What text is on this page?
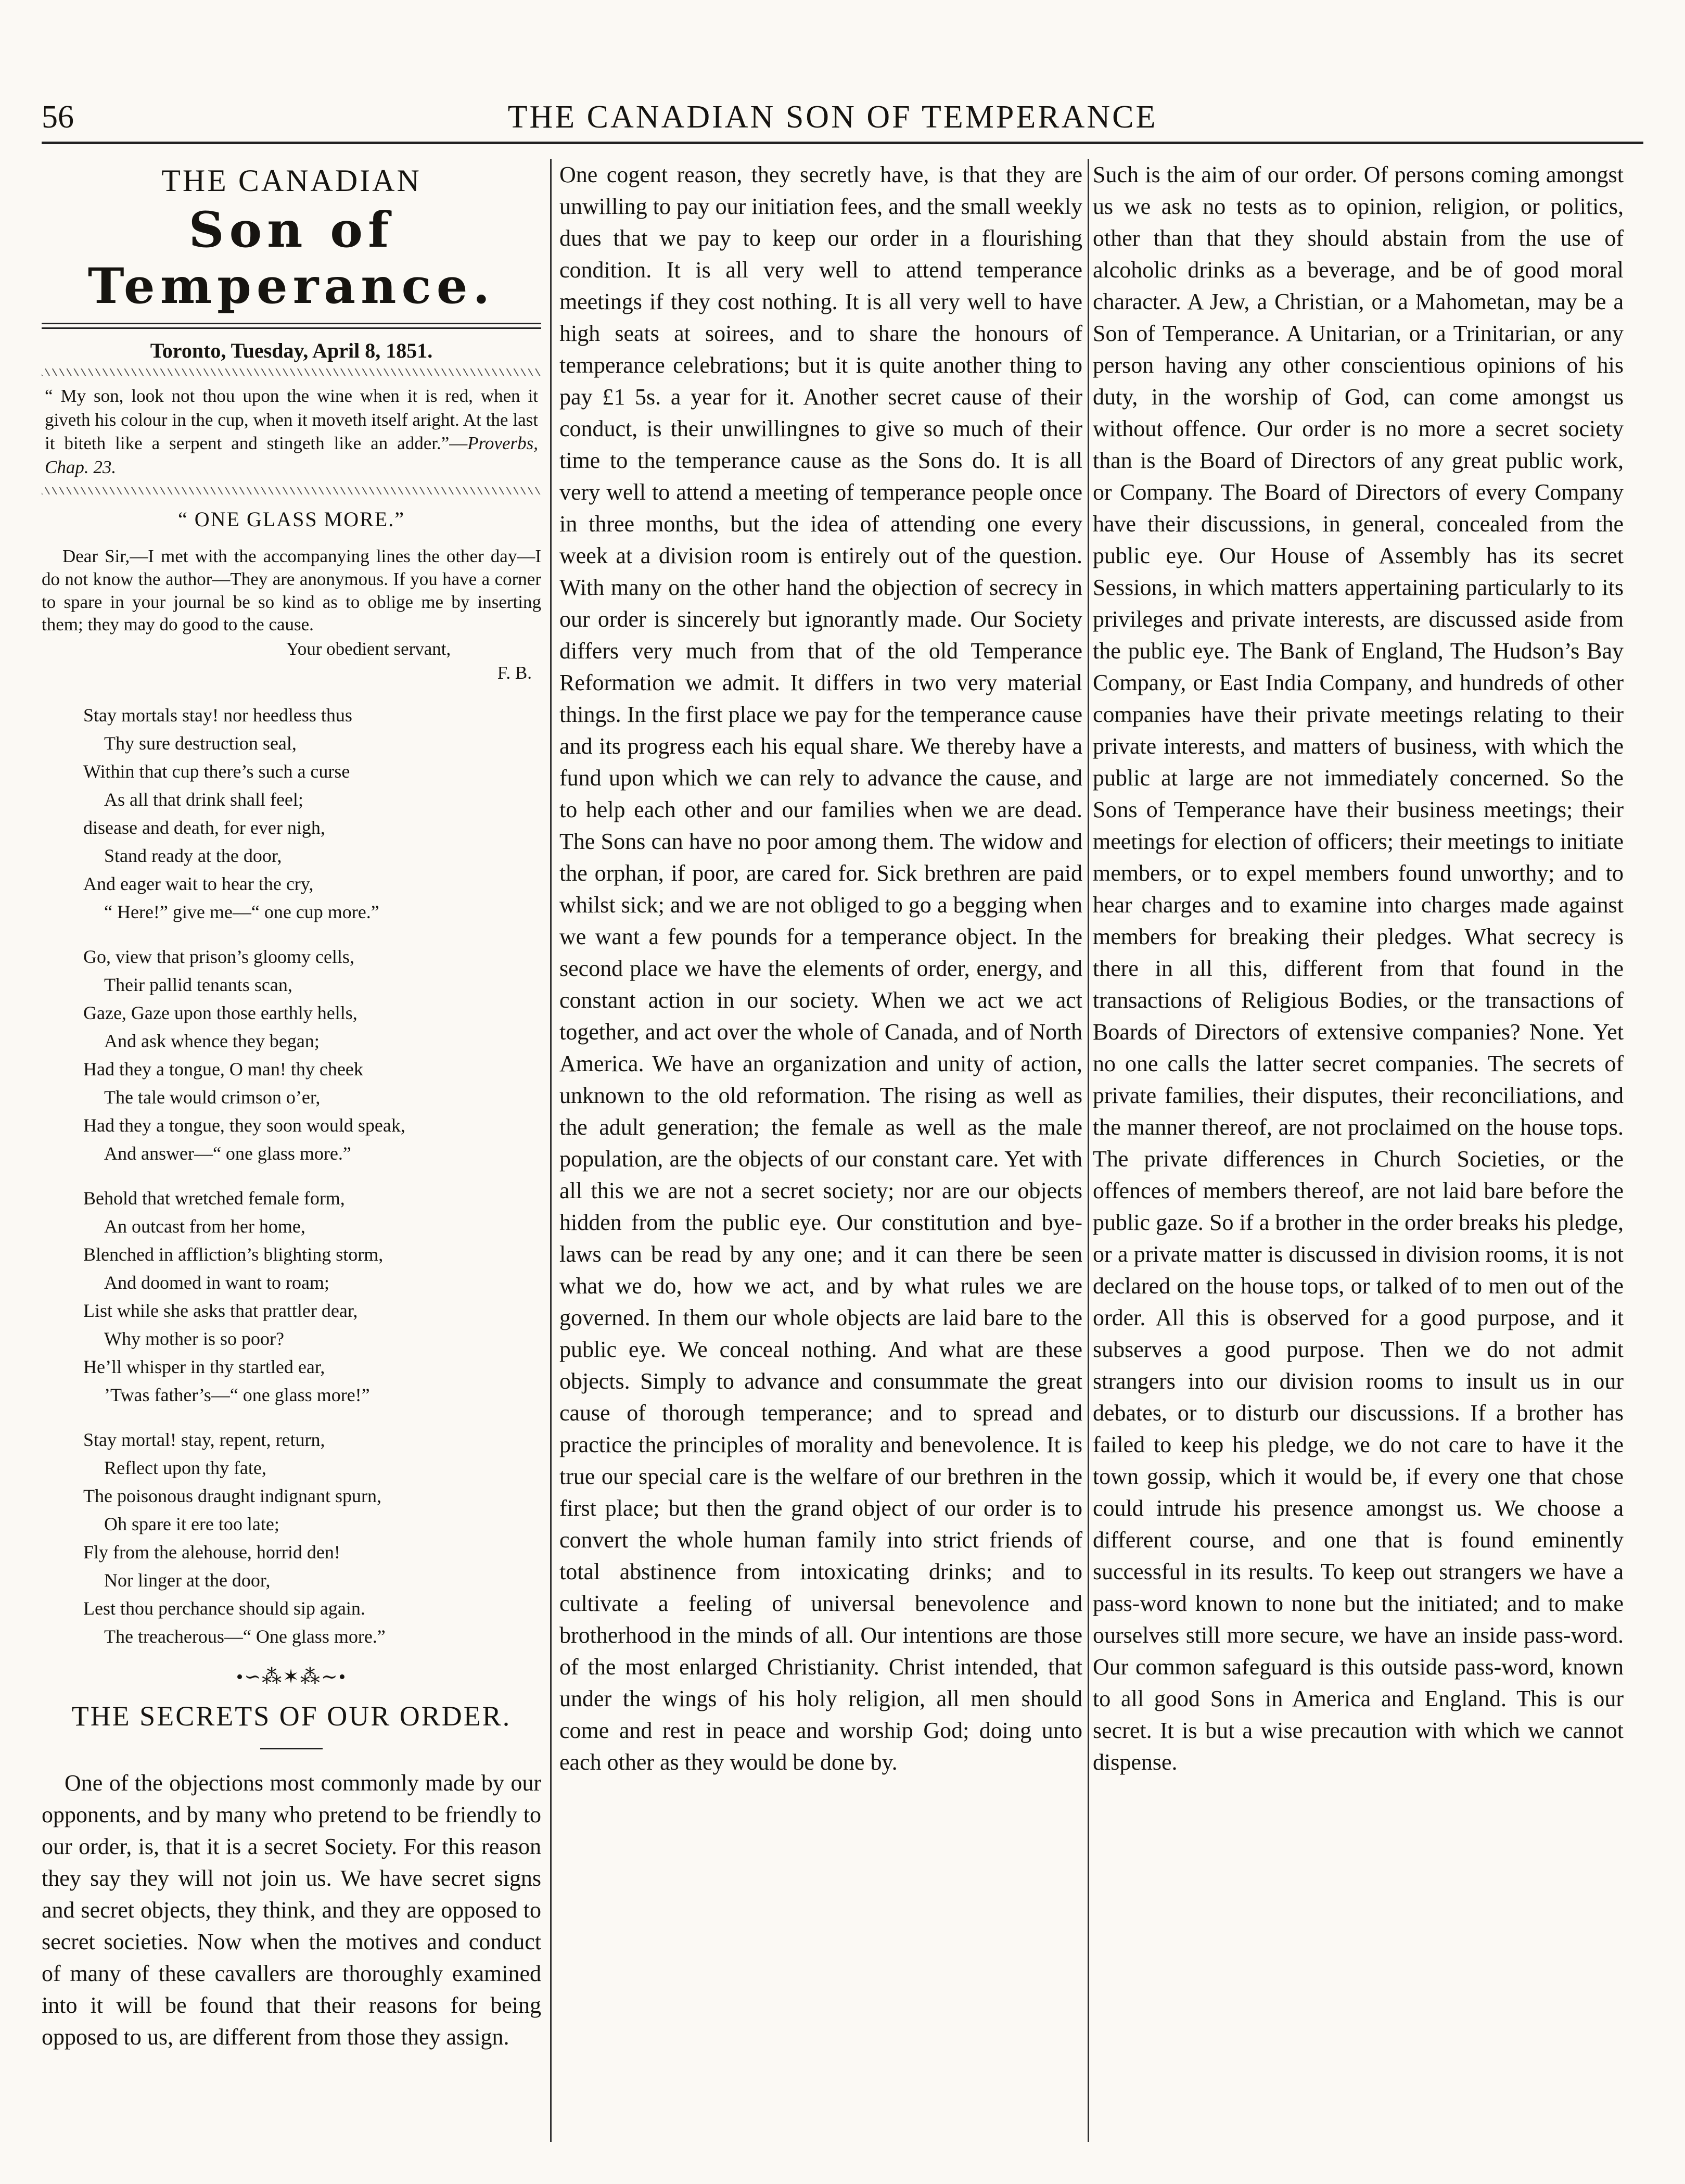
56	THE CANADIAN SON OF TEMPERANCE
THE CANADIAN
Son of Temperance.
Toronto, Tuesday, April 8, 1851.
“ My son, look not thou upon the wine when it is red, when it giveth his colour in the cup, when it moveth itself aright. At the last it biteth like a serpent and stingeth like an adder.”—Proverbs, Chap. 23.
“ ONE GLASS MORE.”

Dear Sir,—I met with the accompanying lines the other day—I do not know the author—They are anonymous. If you have a corner to spare in your journal be so kind as to oblige me by inserting them; they may do good to the cause.

Your obedient servant,
F. B.
Stay mortals stay! nor heedless thus
Thy sure destruction seal,
Within that cup there’s such a curse
As all that drink shall feel;
disease and death, for ever nigh,
Stand ready at the door,
And eager wait to hear the cry,
“ Here!” give me—“ one cup more.”
Go, view that prison’s gloomy cells,
Their pallid tenants scan,
Gaze, Gaze upon those earthly hells,
And ask whence they began;
Had they a tongue, O man! thy cheek
The tale would crimson o’er,
Had they a tongue, they soon would speak,
And answer—“ one glass more.”
Behold that wretched female form,
An outcast from her home,
Blenched in affliction’s blighting storm,
And doomed in want to roam;
List while she asks that prattler dear,
Why mother is so poor?
He’ll whisper in thy startled ear,
’Twas father’s—“ one glass more!”
Stay mortal! stay, repent, return,
Reflect upon thy fate,
The poisonous draught indignant spurn,
Oh spare it ere too late;
Fly from the alehouse, horrid den!
Nor linger at the door,
Lest thou perchance should sip again.
The treacherous—“ One glass more.”
•∽⁂✶⁂∼•
THE SECRETS OF OUR ORDER.

One of the objections most commonly made by our opponents, and by many who pretend to be friendly to our order, is, that it is a secret Society. For this reason they say they will not join us. We have secret signs and secret objects, they think, and they are opposed to secret societies. Now when the motives and conduct of many of these cavallers are thoroughly examined into it will be found that their reasons for being opposed to us, are different from those they assign.

One cogent reason, they secretly have, is that they are unwilling to pay our initiation fees, and the small weekly dues that we pay to keep our order in a flourishing condition. It is all very well to attend temperance meetings if they cost nothing. It is all very well to have high seats at soirees, and to share the honours of temperance celebrations; but it is quite another thing to pay £1 5s. a year for it. Another secret cause of their conduct, is their unwillingnes to give so much of their time to the temperance cause as the Sons do. It is all very well to attend a meeting of temperance people once in three months, but the idea of attending one every week at a division room is entirely out of the question. With many on the other hand the objection of secrecy in our order is sincerely but ignorantly made. Our Society differs very much from that of the old Temperance Reformation we admit. It differs in two very material things. In the first place we pay for the temperance cause and its progress each his equal share. We thereby have a fund upon which we can rely to advance the cause, and to help each other and our families when we are dead. The Sons can have no poor among them. The widow and the orphan, if poor, are cared for. Sick brethren are paid whilst sick; and we are not obliged to go a begging when we want a few pounds for a temperance object. In the second place we have the elements of order, energy, and constant action in our society. When we act we act together, and act over the whole of Canada, and of North America. We have an organization and unity of action, unknown to the old reformation. The rising as well as the adult generation; the female as well as the male population, are the objects of our constant care. Yet with all this we are not a secret society; nor are our objects hidden from the public eye. Our constitution and bye-laws can be read by any one; and it can there be seen what we do, how we act, and by what rules we are governed. In them our whole objects are laid bare to the public eye. We conceal nothing. And what are these objects. Simply to advance and consummate the great cause of thorough temperance; and to spread and practice the principles of morality and benevolence. It is true our special care is the welfare of our brethren in the first place; but then the grand object of our order is to convert the whole human family into strict friends of total abstinence from intoxicating drinks; and to cultivate a feeling of universal benevolence and brotherhood in the minds of all. Our intentions are those of the most enlarged Christianity. Christ intended, that under the wings of his holy religion, all men should come and rest in peace and worship God; doing unto each other as they would be done by.

Such is the aim of our order. Of persons coming amongst us we ask no tests as to opinion, religion, or politics, other than that they should abstain from the use of alcoholic drinks as a beverage, and be of good moral character. A Jew, a Christian, or a Mahometan, may be a Son of Temperance. A Unitarian, or a Trinitarian, or any person having any other conscientious opinions of his duty, in the worship of God, can come amongst us without offence. Our order is no more a secret society than is the Board of Directors of any great public work, or Company. The Board of Directors of every Company have their discussions, in general, concealed from the public eye. Our House of Assembly has its secret Sessions, in which matters appertaining particularly to its privileges and private interests, are discussed aside from the public eye. The Bank of England, The Hudson’s Bay Company, or East India Company, and hundreds of other companies have their private meetings relating to their private interests, and matters of business, with which the public at large are not immediately concerned. So the Sons of Temperance have their business meetings; their meetings for election of officers; their meetings to initiate members, or to expel members found unworthy; and to hear charges and to examine into charges made against members for breaking their pledges. What secrecy is there in all this, different from that found in the transactions of Religious Bodies, or the transactions of Boards of Directors of extensive companies? None. Yet no one calls the latter secret companies. The secrets of private families, their disputes, their reconciliations, and the manner thereof, are not proclaimed on the house tops. The private differences in Church Societies, or the offences of members thereof, are not laid bare before the public gaze. So if a brother in the order breaks his pledge, or a private matter is discussed in division rooms, it is not declared on the house tops, or talked of to men out of the order. All this is observed for a good purpose, and it subserves a good purpose. Then we do not admit strangers into our division rooms to insult us in our debates, or to disturb our discussions. If a brother has failed to keep his pledge, we do not care to have it the town gossip, which it would be, if every one that chose could intrude his presence amongst us. We choose a different course, and one that is found eminently successful in its results. To keep out strangers we have a pass-word known to none but the initiated; and to make ourselves still more secure, we have an inside pass-word. Our common safeguard is this outside pass-word, known to all good Sons in America and England. This is our secret. It is but a wise precaution with which we cannot dispense.
